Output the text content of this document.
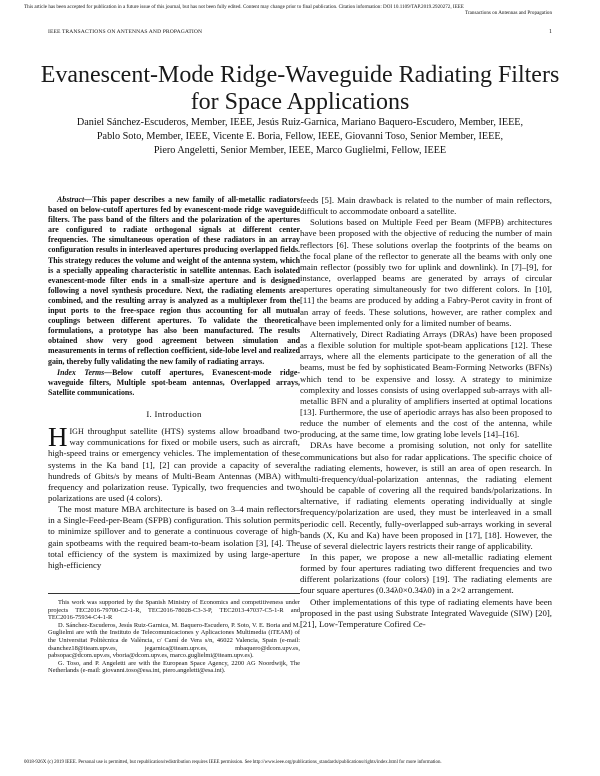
This article has been accepted for publication in a future issue of this journal, but has not been fully edited. Content may change prior to final publication. Citation information: DOI 10.1109/TAP.2019.2920272, IEEE
Transactions on Antennas and Propagation
IEEE TRANSACTIONS ON ANTENNAS AND PROPAGATION	1
Evanescent-Mode Ridge-Waveguide Radiating Filters for Space Applications
Daniel Sánchez-Escuderos, Member, IEEE, Jesús Ruiz-Garnica, Mariano Baquero-Escudero, Member, IEEE,
Pablo Soto, Member, IEEE, Vicente E. Boria, Fellow, IEEE, Giovanni Toso, Senior Member, IEEE,
Piero Angeletti, Senior Member, IEEE, Marco Guglielmi, Fellow, IEEE
Abstract—This paper describes a new family of all-metallic radiators based on below-cutoff apertures fed by evanescent-mode ridge waveguide filters. The pass band of the filters and the polarization of the apertures are configured to radiate orthogonal signals at different center frequencies. The simultaneous operation of these radiators in an array configuration results in interleaved apertures producing overlapped fields. This strategy reduces the volume and weight of the antenna system, which is a specially appealing characteristic in satellite antennas. Each isolated evanescent-mode filter ends in a small-size aperture and is designed following a novel synthesis procedure. Next, the radiating elements are combined, and the resulting array is analyzed as a multiplexer from the input ports to the free-space region thus accounting for all mutual couplings between different apertures. To validate the theoretical formulations, a prototype has also been manufactured. The results obtained show very good agreement between simulation and measurements in terms of reflection coefficient, side-lobe level and realized gain, thereby fully validating the new family of radiating arrays.
Index Terms—Below cutoff apertures, Evanescent-mode ridge-waveguide filters, Multiple spot-beam antennas, Overlapped arrays, Satellite communications.
I. Introduction
HIGH throughput satellite (HTS) systems allow broadband two-way communications for fixed or mobile users, such as aircraft, high-speed trains or emergency vehicles. The implementation of these systems in the Ka band [1], [2] can provide a capacity of several hundreds of Gbits/s by means of Multi-Beam Antennas (MBA) with frequency and polarization reuse. Typically, two frequencies and two polarizations are used (4 colors).
The most mature MBA architecture is based on 3–4 main reflectors in a Single-Feed-per-Beam (SFPB) configuration. This solution permits to minimize spillover and to generate a continuous coverage of high-gain spotbeams with the required beam-to-beam isolation [3], [4]. The total efficiency of the system is maximized by using large-aperture high-efficiency
This work was supported by the Spanish Ministry of Economics and competitiveness under projects TEC2016-79700-C2-1-R, TEC2016-78028-C3-3-P, TEC2013-47037-C5-1-R and TEC2016-75934-C4-1-R
D. Sánchez-Escuderos, Jesús Ruiz-Garnica, M. Baquero-Escudero, P. Soto, V. E. Boria and M. Guglielmi are with the Instituto de Telecomunicaciones y Aplicaciones Multimedia (iTEAM) of the Universitat Politècnica de València, c/ Camí de Vera s/n, 46022 Valencia, Spain (e-mail: dsanchez18@iteam.upv.es, jegarnica@iteam.upv.es, mbaquero@dcom.upv.es, pabsopac@dcom.upv.es, vboria@dcom.upv.es, marco.guglielmi@iteam.upv.es).
G. Toso, and P. Angeletti are with the European Space Agency, 2200 AG Noordwijk, The Netherlands (e-mail: giovanni.toso@esa.int, piero.angeletti@esa.int).
feeds [5]. Main drawback is related to the number of main reflectors, difficult to accommodate onboard a satellite.
Solutions based on Multiple Feed per Beam (MFPB) architectures have been proposed with the objective of reducing the number of main reflectors [6]. These solutions overlap the footprints of the beams on the focal plane of the reflector to generate all the beams with only one main reflector (possibly two for uplink and downlink). In [7]–[9], for instance, overlapped beams are generated by arrays of circular apertures operating simultaneously for two different colors. In [10], [11] the beams are produced by adding a Fabry-Perot cavity in front of an array of feeds. These solutions, however, are rather complex and have been implemented only for a limited number of beams.
Alternatively, Direct Radiating Arrays (DRAs) have been proposed as a flexible solution for multiple spot-beam applications [12]. These arrays, where all the elements participate to the generation of all the beams, must be fed by sophisticated Beam-Forming Networks (BFNs) which tend to be expensive and lossy. A strategy to minimize complexity and losses consists of using overlapped sub-arrays with all-metallic BFN and a plurality of amplifiers inserted at optimal locations [13]. Furthermore, the use of aperiodic arrays has also been proposed to reduce the number of elements and the cost of the antenna, while producing, at the same time, low grating lobe levels [14]–[16].
DRAs have become a promising solution, not only for satellite communications but also for radar applications. The specific choice of the radiating elements, however, is still an area of open research. In multi-frequency/dual-polarization antennas, the radiating element should be capable of covering all the required bands/polarizations. In alternative, if radiating elements operating individually at single frequency/polarization are used, they must be interleaved in a small periodic cell. Recently, fully-overlapped sub-arrays working in several bands (X, Ku and Ka) have been proposed in [17], [18]. However, the use of several dielectric layers restricts their range of applicability.
In this paper, we propose a new all-metallic radiating element formed by four apertures radiating two different frequencies and two different polarizations (four colors) [19]. The radiating elements are four square apertures (0.34λ0×0.34λ0) in a 2×2 arrangement.
Other implementations of this type of radiating elements have been proposed in the past using Substrate Integrated Waveguide (SIW) [20], [21], Low-Temperature Cofired Ce-
0018-926X (c) 2019 IEEE. Personal use is permitted, but republication/redistribution requires IEEE permission. See http://www.ieee.org/publications_standards/publications/rights/index.html for more information.
